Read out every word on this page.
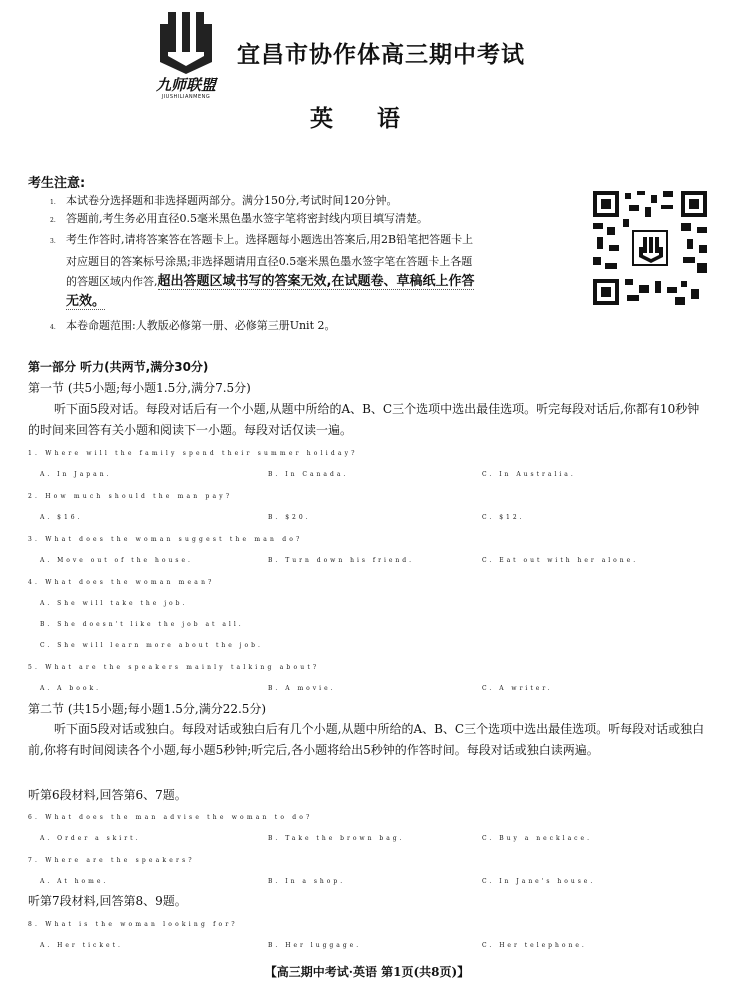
九师联盟
JIUSHILIANMENG
宜昌市协作体高三期中考试
英语
考生注意:
1. 本试卷分选择题和非选择题两部分。满分150分,考试时间120分钟。
2. 答题前,考生务必用直径0.5毫米黑色墨水签字笔将密封线内项目填写清楚。
3. 考生作答时,请将答案答在答题卡上。选择题每小题选出答案后,用2B铅笔把答题卡上
对应题目的答案标号涂黑;非选择题请用直径0.5毫米黑色墨水签字笔在答题卡上各题
的答题区域内作答,超出答题区域书写的答案无效,在试题卷、草稿纸上作答
无效。
4. 本卷命题范围:人教版必修第一册、必修第三册Unit 2。
第一部分 听力(共两节,满分30分)
第一节 (共5小题;每小题1.5分,满分7.5分)
听下面5段对话。每段对话后有一个小题,从题中所给的A、B、C三个选项中选出最佳选项。听完每段对话后,你都有10秒钟的时间来回答有关小题和阅读下一小题。每段对话仅读一遍。
1. Where will the family spend their summer holiday?
A. In Japan.	B. In Canada.	C. In Australia.
2. How much should the man pay?
A. $16.	B. $20.	C. $12.
3. What does the woman suggest the man do?
A. Move out of the house.	B. Turn down his friend.	C. Eat out with her alone.
4. What does the woman mean?
A. She will take the job.
B. She doesn't like the job at all.
C. She will learn more about the job.
5. What are the speakers mainly talking about?
A. A book.	B. A movie.	C. A writer.
第二节 (共15小题;每小题1.5分,满分22.5分)
听下面5段对话或独白。每段对话或独白后有几个小题,从题中所给的A、B、C三个选项中选出最佳选项。听每段对话或独白前,你将有时间阅读各个小题,每小题5秒钟;听完后,各小题将给出5秒钟的作答时间。每段对话或独白读两遍。
听第6段材料,回答第6、7题。
6. What does the man advise the woman to do?
A. Order a skirt.	B. Take the brown bag.	C. Buy a necklace.
7. Where are the speakers?
A. At home.	B. In a shop.	C. In Jane's house.
听第7段材料,回答第8、9题。
8. What is the woman looking for?
A. Her ticket.	B. Her luggage.	C. Her telephone.
【高三期中考试·英语 第1页(共8页)】
